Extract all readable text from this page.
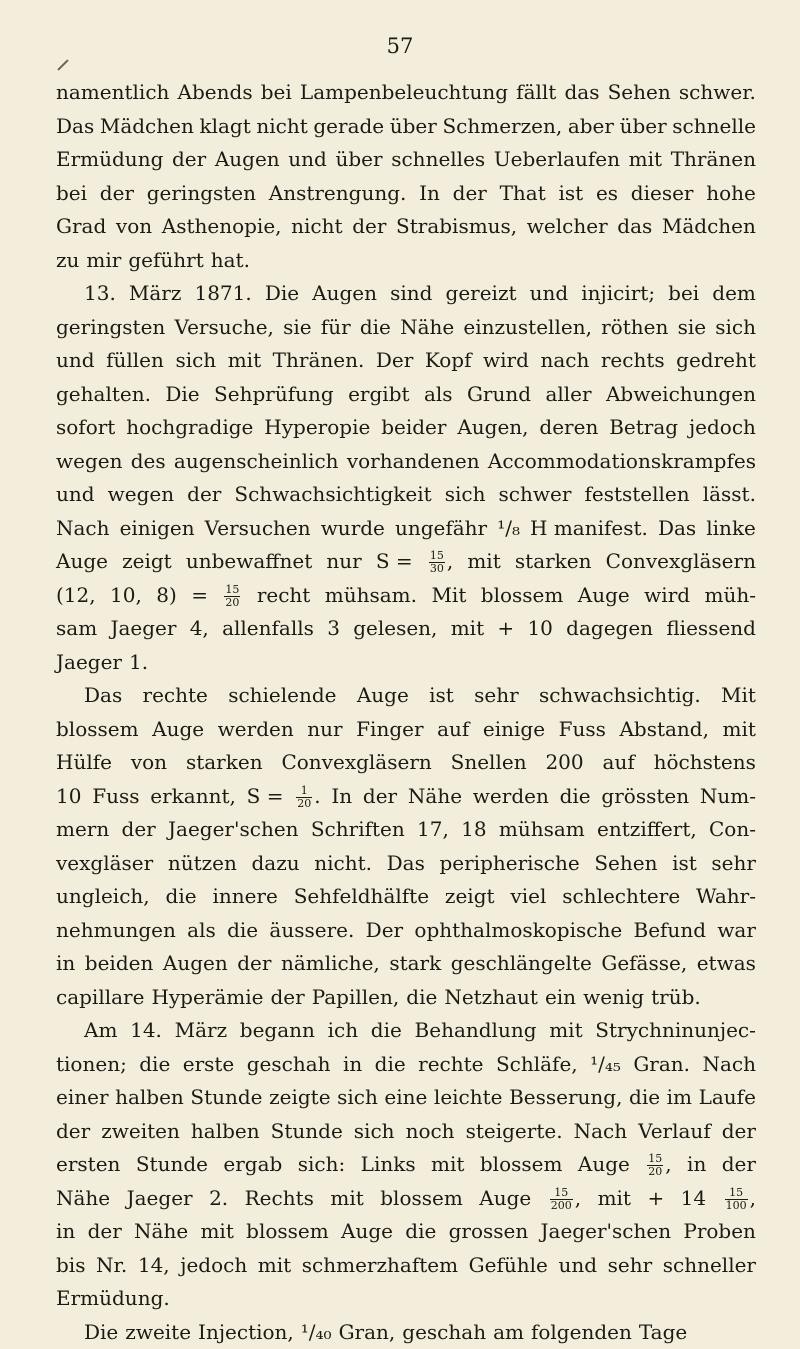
57
namentlich Abends bei Lampenbeleuchtung fällt das Sehen schwer.
Das Mädchen klagt nicht gerade über Schmerzen, aber über schnelle
Ermüdung der Augen und über schnelles Ueberlaufen mit Thränen
bei der geringsten Anstrengung. In der That ist es dieser hohe
Grad von Asthenopie, nicht der Strabismus, welcher das Mädchen
zu mir geführt hat.
13. März 1871. Die Augen sind gereizt und injicirt; bei dem
geringsten Versuche, sie für die Nähe einzustellen, röthen sie sich
und füllen sich mit Thränen. Der Kopf wird nach rechts gedreht
gehalten. Die Sehprüfung ergibt als Grund aller Abweichungen
sofort hochgradige Hyperopie beider Augen, deren Betrag jedoch
wegen des augenscheinlich vorhandenen Accommodationskrampfes
und wegen der Schwachsichtigkeit sich schwer feststellen lässt.
Nach einigen Versuchen wurde ungefähr ¹/₈ H manifest. Das linke
Auge zeigt unbewaffnet nur $S = \frac{15}{30}$ , mit starken Convexgläsern
(12, 10, $8) = \frac{15}{20}$ recht mühsam. Mit blossem Auge wird müh-
sam Jaeger 4, allenfalls 3 gelesen, mit + 10 dagegen fliessend
Jaeger 1.
Das rechte schielende Auge ist sehr schwachsichtig. Mit
blossem Auge werden nur Finger auf einige Fuss Abstand, mit
Hülfe von starken Convexgläsern Snellen 200 auf höchstens
10 Fuss erkannt, $S = \frac{1}{20}$ . In der Nähe werden die grössten Num-
mern der Jaeger'schen Schriften 17, 18 mühsam entziffert, Con-
vexgläser nützen dazu nicht. Das peripherische Sehen ist sehr
ungleich, die innere Sehfeldhälfte zeigt viel schlechtere Wahr-
nehmungen als die äussere. Der ophthalmoskopische Befund war
in beiden Augen der nämliche, stark geschlängelte Gefässe, etwas
capillare Hyperämie der Papillen, die Netzhaut ein wenig trüb.
Am 14. März begann ich die Behandlung mit Strychninunjec-
tionen; die erste geschah in die rechte Schläfe, ¹/₄₅ Gran. Nach
einer halben Stunde zeigte sich eine leichte Besserung, die im Laufe
der zweiten halben Stunde sich noch steigerte. Nach Verlauf der
ersten Stunde ergab sich: Links mit blossem Auge $\frac{15}{20}$ , in der
Nähe Jaeger 2. Rechts mit blossem Auge $\frac{15}{200}$ , mit + $14 \frac{15}{100}$ ,
in der Nähe mit blossem Auge die grossen Jaeger'schen Proben
bis Nr. 14, jedoch mit schmerzhaftem Gefühle und sehr schneller
Ermüdung.
Die zweite Injection, ¹/₄₀ Gran, geschah am folgenden Tage
